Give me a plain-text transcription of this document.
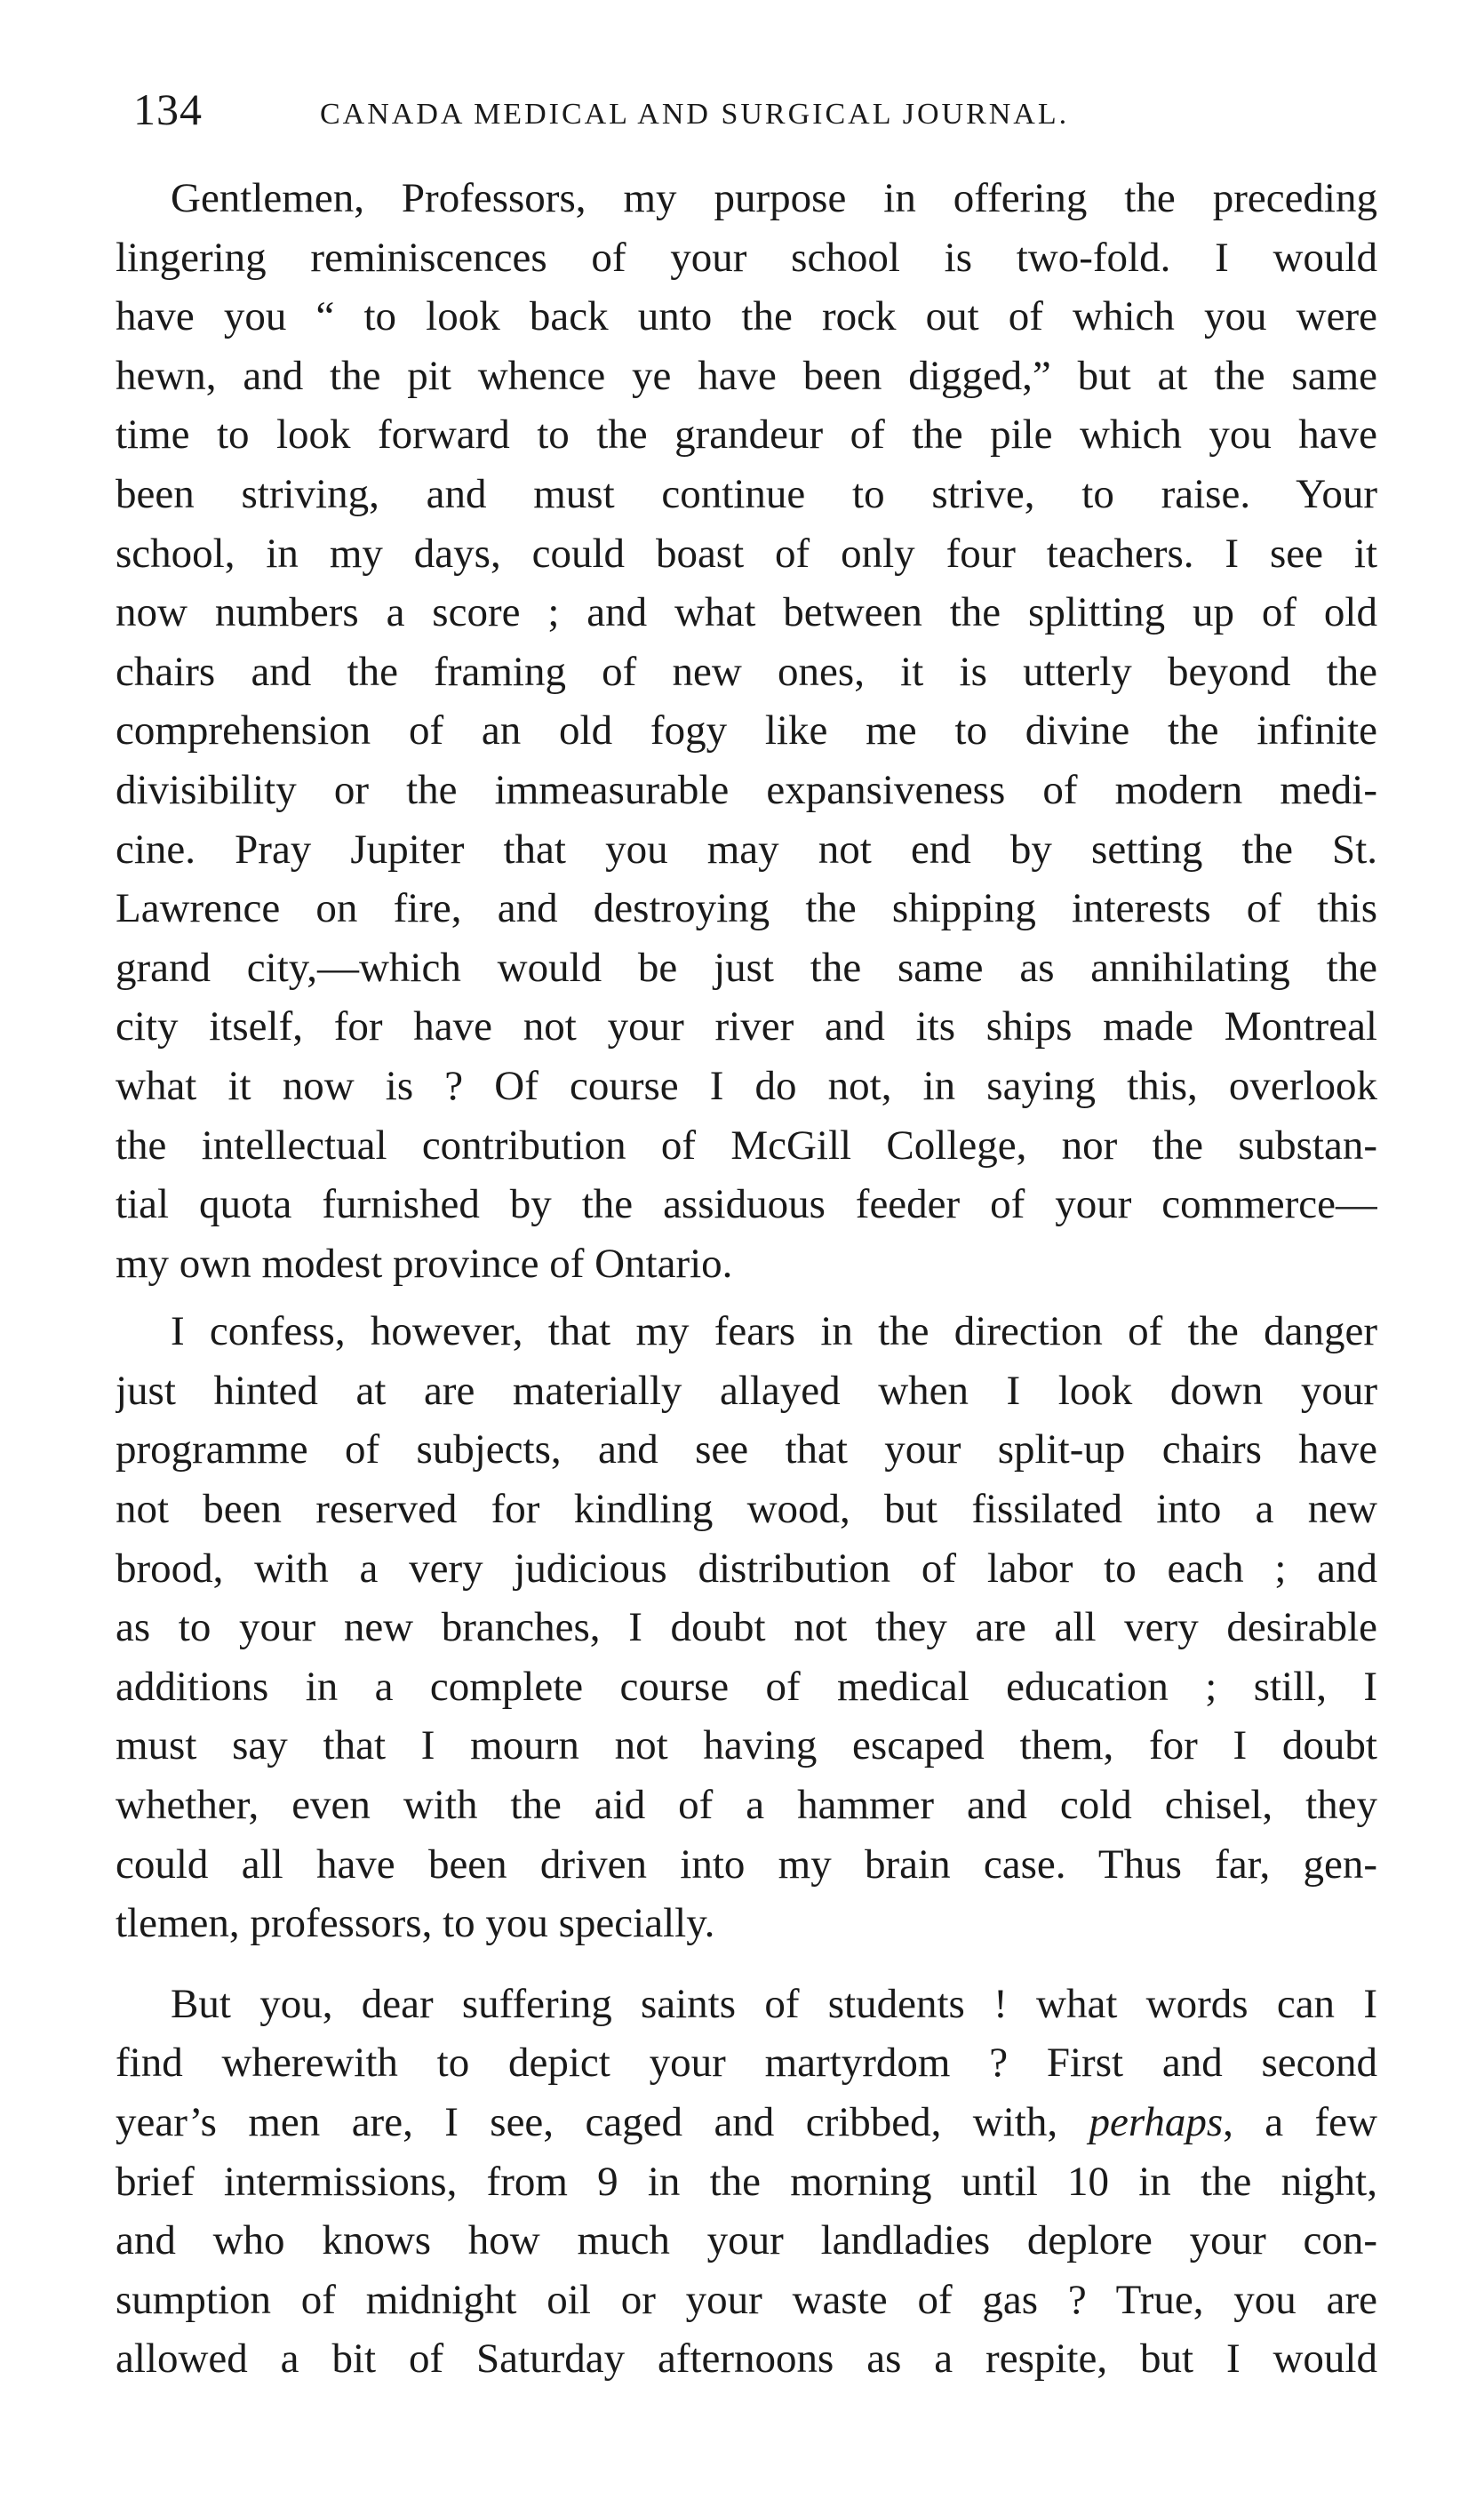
134	CANADA MEDICAL AND SURGICAL JOURNAL.
Gentlemen, Professors, my purpose in offering the preceding
lingering reminiscences of your school is two-fold. I would
have you “ to look back unto the rock out of which you were
hewn, and the pit whence ye have been digged,” but at the same
time to look forward to the grandeur of the pile which you have
been striving, and must continue to strive, to raise. Your
school, in my days, could boast of only four teachers. I see it
now numbers a score ; and what between the splitting up of old
chairs and the framing of new ones, it is utterly beyond the
comprehension of an old fogy like me to divine the infinite
divisibility or the immeasurable expansiveness of modern medi-
cine. Pray Jupiter that you may not end by setting the St.
Lawrence on fire, and destroying the shipping interests of this
grand city,—which would be just the same as annihilating the
city itself, for have not your river and its ships made Montreal
what it now is ? Of course I do not, in saying this, overlook
the intellectual contribution of McGill College, nor the substan-
tial quota furnished by the assiduous feeder of your commerce—
my own modest province of Ontario.
I confess, however, that my fears in the direction of the danger
just hinted at are materially allayed when I look down your
programme of subjects, and see that your split-up chairs have
not been reserved for kindling wood, but fissilated into a new
brood, with a very judicious distribution of labor to each ; and
as to your new branches, I doubt not they are all very desirable
additions in a complete course of medical education ; still, I
must say that I mourn not having escaped them, for I doubt
whether, even with the aid of a hammer and cold chisel, they
could all have been driven into my brain case. Thus far, gen-
tlemen, professors, to you specially.
But you, dear suffering saints of students ! what words can I
find wherewith to depict your martyrdom ? First and second
year’s men are, I see, caged and cribbed, with, perhaps, a few
brief intermissions, from 9 in the morning until 10 in the night,
and who knows how much your landladies deplore your con-
sumption of midnight oil or your waste of gas ? True, you are
allowed a bit of Saturday afternoons as a respite, but I would
